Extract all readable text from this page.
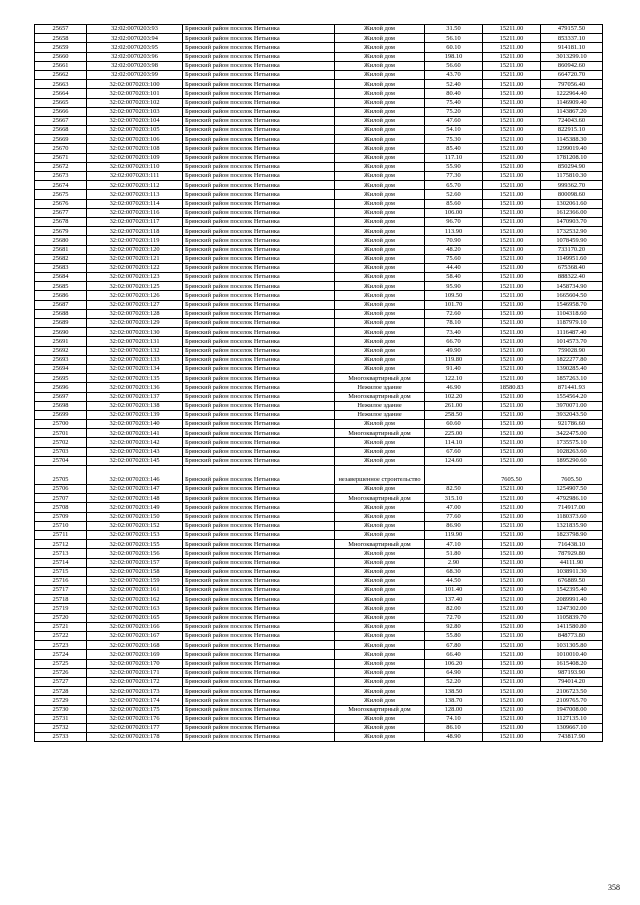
25657	32:02:0070203:93	Брянский район поселок Нетьинка	Жилой дом	31.50	15211.00	479157.50
25658	32:02:0070203:94	Брянский район поселок Нетьинка	Жилой дом	56.10	15211.00	853337.10
25659	32:02:0070203:95	Брянский район поселок Нетьинка	Жилой дом	60.10	15211.00	914181.10
25660	32:02:0070203:96	Брянский район поселок Нетьинка	Жилой дом	198.10	15211.00	3013299.10
25661	32:02:0070203:98	Брянский район поселок Нетьинка	Жилой дом	56.60	15211.00	860942.60
25662	32:02:0070203:99	Брянский район поселок Нетьинка	Жилой дом	43.70	15211.00	664720.70
25663	32:02:0070203:100	Брянский район поселок Нетьинка	Жилой дом	52.40	15211.00	797056.40
25664	32:02:0070203:101	Брянский район поселок Нетьинка	Жилой дом	80.40	15211.00	1222964.40
25665	32:02:0070203:102	Брянский район поселок Нетьинка	Жилой дом	75.40	15211.00	1146909.40
25666	32:02:0070203:103	Брянский район поселок Нетьинка	Жилой дом	75.20	15211.00	1143867.20
25667	32:02:0070203:104	Брянский район поселок Нетьинка	Жилой дом	47.60	15211.00	724043.60
25668	32:02:0070203:105	Брянский район поселок Нетьинка	Жилой дом	54.10	15211.00	822915.10
25669	32:02:0070203:106	Брянский район поселок Нетьинка	Жилой дом	75.30	15211.00	1145388.30
25670	32:02:0070203:108	Брянский район поселок Нетьинка	Жилой дом	85.40	15211.00	1299019.40
25671	32:02:0070203:109	Брянский район поселок Нетьинка	Жилой дом	117.10	15211.00	1781208.10
25672	32:02:0070203:110	Брянский район поселок Нетьинка	Жилой дом	55.90	15211.00	850294.90
25673	32:02:0070203:111	Брянский район поселок Нетьинка	Жилой дом	77.30	15211.00	1175810.30
25674	32:02:0070203:112	Брянский район поселок Нетьинка	Жилой дом	65.70	15211.00	999362.70
25675	32:02:0070203:113	Брянский район поселок Нетьинка	Жилой дом	52.60	15211.00	800098.60
25676	32:02:0070203:114	Брянский район поселок Нетьинка	Жилой дом	85.60	15211.00	1302061.60
25677	32:02:0070203:116	Брянский район поселок Нетьинка	Жилой дом	106.00	15211.00	1612366.00
25678	32:02:0070203:117	Брянский район поселок Нетьинка	Жилой дом	96.70	15211.00	1470903.70
25679	32:02:0070203:118	Брянский район поселок Нетьинка	Жилой дом	113.90	15211.00	1732532.90
25680	32:02:0070203:119	Брянский район поселок Нетьинка	Жилой дом	70.90	15211.00	1078459.90
25681	32:02:0070203:120	Брянский район поселок Нетьинка	Жилой дом	48.20	15211.00	733170.20
25682	32:02:0070203:121	Брянский район поселок Нетьинка	Жилой дом	75.60	15211.00	1149951.60
25683	32:02:0070203:122	Брянский район поселок Нетьинка	Жилой дом	44.40	15211.00	675368.40
25684	32:02:0070203:123	Брянский район поселок Нетьинка	Жилой дом	58.40	15211.00	888322.40
25685	32:02:0070203:125	Брянский район поселок Нетьинка	Жилой дом	95.90	15211.00	1458734.90
25686	32:02:0070203:126	Брянский район поселок Нетьинка	Жилой дом	109.50	15211.00	1665604.50
25687	32:02:0070203:127	Брянский район поселок Нетьинка	Жилой дом	101.70	15211.00	1546958.70
25688	32:02:0070203:128	Брянский район поселок Нетьинка	Жилой дом	72.60	15211.00	1104318.60
25689	32:02:0070203:129	Брянский район поселок Нетьинка	Жилой дом	78.10	15211.00	1187979.10
25690	32:02:0070203:130	Брянский район поселок Нетьинка	Жилой дом	73.40	15211.00	1116487.40
25691	32:02:0070203:131	Брянский район поселок Нетьинка	Жилой дом	66.70	15211.00	1014573.70
25692	32:02:0070203:132	Брянский район поселок Нетьинка	Жилой дом	49.90	15211.00	759028.90
25693	32:02:0070203:133	Брянский район поселок Нетьинка	Жилой дом	119.80	15211.00	1822277.80
25694	32:02:0070203:134	Брянский район поселок Нетьинка	Жилой дом	91.40	15211.00	1390285.40
25695	32:02:0070203:135	Брянский район поселок Нетьинка	Многоквартирный дом	122.10	15211.00	1857263.10
25696	32:02:0070203:136	Брянский район поселок Нетьинка	Нежилое здание	46.90	18580.83	871441.93
25697	32:02:0070203:137	Брянский район поселок Нетьинка	Многоквартирный дом	102.20	15211.00	1554564.20
25698	32:02:0070203:138	Брянский район поселок Нетьинка	Нежилое здание	261.00	15211.00	3970071.00
25699	32:02:0070203:139	Брянский район поселок Нетьинка	Нежилое здание	258.50	15211.00	3932043.50
25700	32:02:0070203:140	Брянский район поселок Нетьинка	Жилой дом	60.60	15211.00	921786.60
25701	32:02:0070203:141	Брянский район поселок Нетьинка	Многоквартирный дом	225.00	15211.00	3422475.00
25702	32:02:0070203:142	Брянский район поселок Нетьинка	Жилой дом	114.10	15211.00	1735575.10
25703	32:02:0070203:143	Брянский район поселок Нетьинка	Жилой дом	67.60	15211.00	1028263.60
25704	32:02:0070203:145	Брянский район поселок Нетьинка	Жилой дом	124.60	15211.00	1895290.60
25705	32:02:0070203:146	Брянский район поселок Нетьинка	незавершенное строительство		7605.50	7605.50
25706	32:02:0070203:147	Брянский район поселок Нетьинка	Жилой дом	82.50	15211.00	1254907.50
25707	32:02:0070203:148	Брянский район поселок Нетьинка	Многоквартирный дом	315.10	15211.00	4792986.10
25708	32:02:0070203:149	Брянский район поселок Нетьинка	Жилой дом	47.00	15211.00	714917.00
25709	32:02:0070203:150	Брянский район поселок Нетьинка	Жилой дом	77.60	15211.00	1180373.60
25710	32:02:0070203:152	Брянский район поселок Нетьинка	Жилой дом	86.90	15211.00	1321835.90
25711	32:02:0070203:153	Брянский район поселок Нетьинка	Жилой дом	119.90	15211.00	1823798.90
25712	32:02:0070203:155	Брянский район поселок Нетьинка	Многоквартирный дом	47.10	15211.00	716438.10
25713	32:02:0070203:156	Брянский район поселок Нетьинка	Жилой дом	51.80	15211.00	787929.80
25714	32:02:0070203:157	Брянский район поселок Нетьинка	Жилой дом	2.90	15211.00	44111.90
25715	32:02:0070203:158	Брянский район поселок Нетьинка	Жилой дом	68.30	15211.00	1038911.30
25716	32:02:0070203:159	Брянский район поселок Нетьинка	Жилой дом	44.50	15211.00	676889.50
25717	32:02:0070203:161	Брянский район поселок Нетьинка	Жилой дом	101.40	15211.00	1542395.40
25718	32:02:0070203:162	Брянский район поселок Нетьинка	Жилой дом	137.40	15211.00	2089991.40
25719	32:02:0070203:163	Брянский район поселок Нетьинка	Жилой дом	82.00	15211.00	1247302.00
25720	32:02:0070203:165	Брянский район поселок Нетьинка	Жилой дом	72.70	15211.00	1105839.70
25721	32:02:0070203:166	Брянский район поселок Нетьинка	Жилой дом	92.80	15211.00	1411580.80
25722	32:02:0070203:167	Брянский район поселок Нетьинка	Жилой дом	55.80	15211.00	848773.80
25723	32:02:0070203:168	Брянский район поселок Нетьинка	Жилой дом	67.80	15211.00	1031305.80
25724	32:02:0070203:169	Брянский район поселок Нетьинка	Жилой дом	66.40	15211.00	1010010.40
25725	32:02:0070203:170	Брянский район поселок Нетьинка	Жилой дом	106.20	15211.00	1615408.20
25726	32:02:0070203:171	Брянский район поселок Нетьинка	Жилой дом	64.90	15211.00	987193.90
25727	32:02:0070203:172	Брянский район поселок Нетьинка	Жилой дом	52.20	15211.00	794014.20
25728	32:02:0070203:173	Брянский район поселок Нетьинка	Жилой дом	138.50	15211.00	2106723.50
25729	32:02:0070203:174	Брянский район поселок Нетьинка	Жилой дом	138.70	15211.00	2109765.70
25730	32:02:0070203:175	Брянский район поселок Нетьинка	Многоквартирный дом	128.00	15211.00	1947008.00
25731	32:02:0070203:176	Брянский район поселок Нетьинка	Жилой дом	74.10	15211.00	1127135.10
25732	32:02:0070203:177	Брянский район поселок Нетьинка	Жилой дом	86.10	15211.00	1309667.10
25733	32:02:0070203:178	Брянский район поселок Нетьинка	Жилой дом	48.90	15211.00	743817.90
358
